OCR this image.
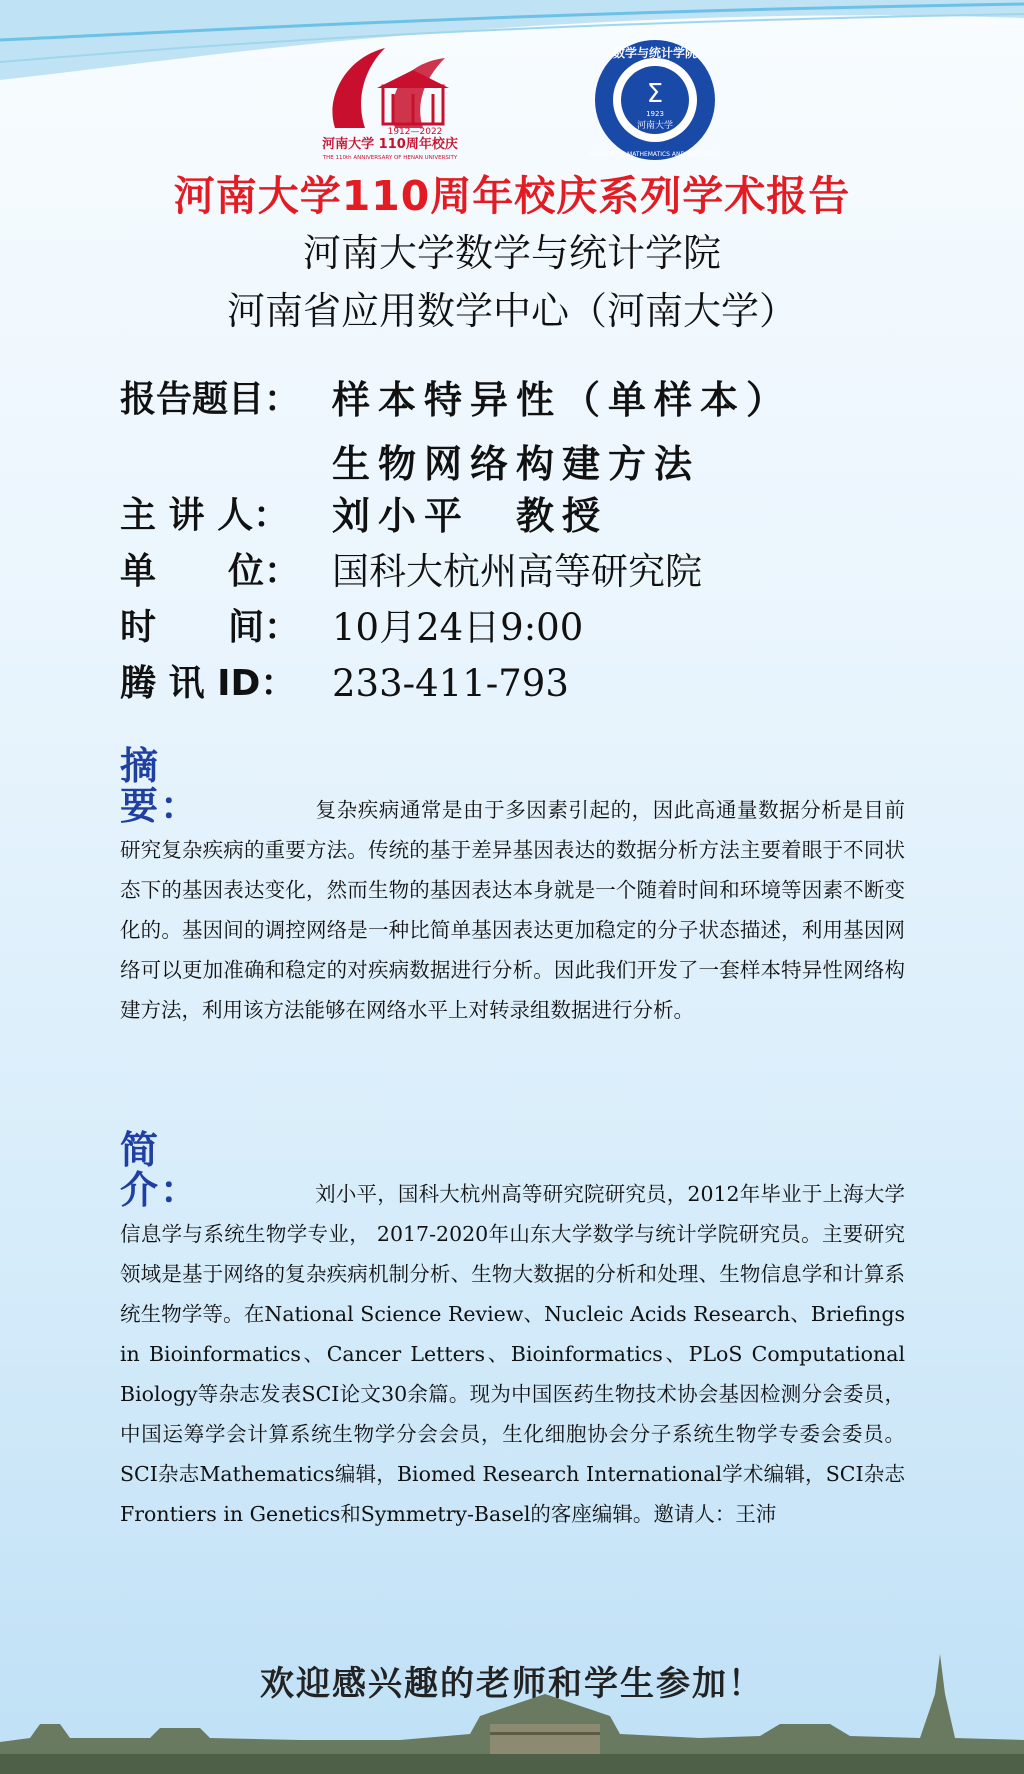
1912—2022
河南大学 110周年校庆
THE 110th ANNIVERSARY OF HENAN UNIVERSITY
数学与统计学院
SCHOOL OF MATHEMATICS AND STATISTICS
Σ
1923
河南大学
河南大学110周年校庆系列学术报告
河南大学数学与统计学院
河南省应用数学中心（河南大学）
报告题目： 样本特异性（单样本）
生物网络构建方法
主 讲 人：	刘小平　教授
单　　位： 国科大杭州高等研究院
时　　间： 10月24日9:00
腾 讯 ID： 233-411-793

摘要：	复杂疾病通常是由于多因素引起的，因此高通量数据分析是目前研究复杂疾病的重要方法。传统的基于差异基因表达的数据分析方法主要着眼于不同状态下的基因表达变化，然而生物的基因表达本身就是一个随着时间和环境等因素不断变化的。基因间的调控网络是一种比简单基因表达更加稳定的分子状态描述，利用基因网络可以更加准确和稳定的对疾病数据进行分析。因此我们开发了一套样本特异性网络构建方法，利用该方法能够在网络水平上对转录组数据进行分析。

简介：	刘小平，国科大杭州高等研究院研究员，2012年毕业于上海大学信息学与系统生物学专业， 2017-2020年山东大学数学与统计学院研究员。主要研究领域是基于网络的复杂疾病机制分析、生物大数据的分析和处理、生物信息学和计算系统生物学等。在National Science Review、Nucleic Acids Research、Briefings in Bioinformatics、Cancer Letters、Bioinformatics、PLoS Computational Biology等杂志发表SCI论文30余篇。现为中国医药生物技术协会基因检测分会委员，中国运筹学会计算系统生物学分会会员，生化细胞协会分子系统生物学专委会委员。SCI杂志Mathematics编辑，Biomed Research International学术编辑，SCI杂志Frontiers in Genetics和Symmetry-Basel的客座编辑。邀请人：王沛

欢迎感兴趣的老师和学生参加！
